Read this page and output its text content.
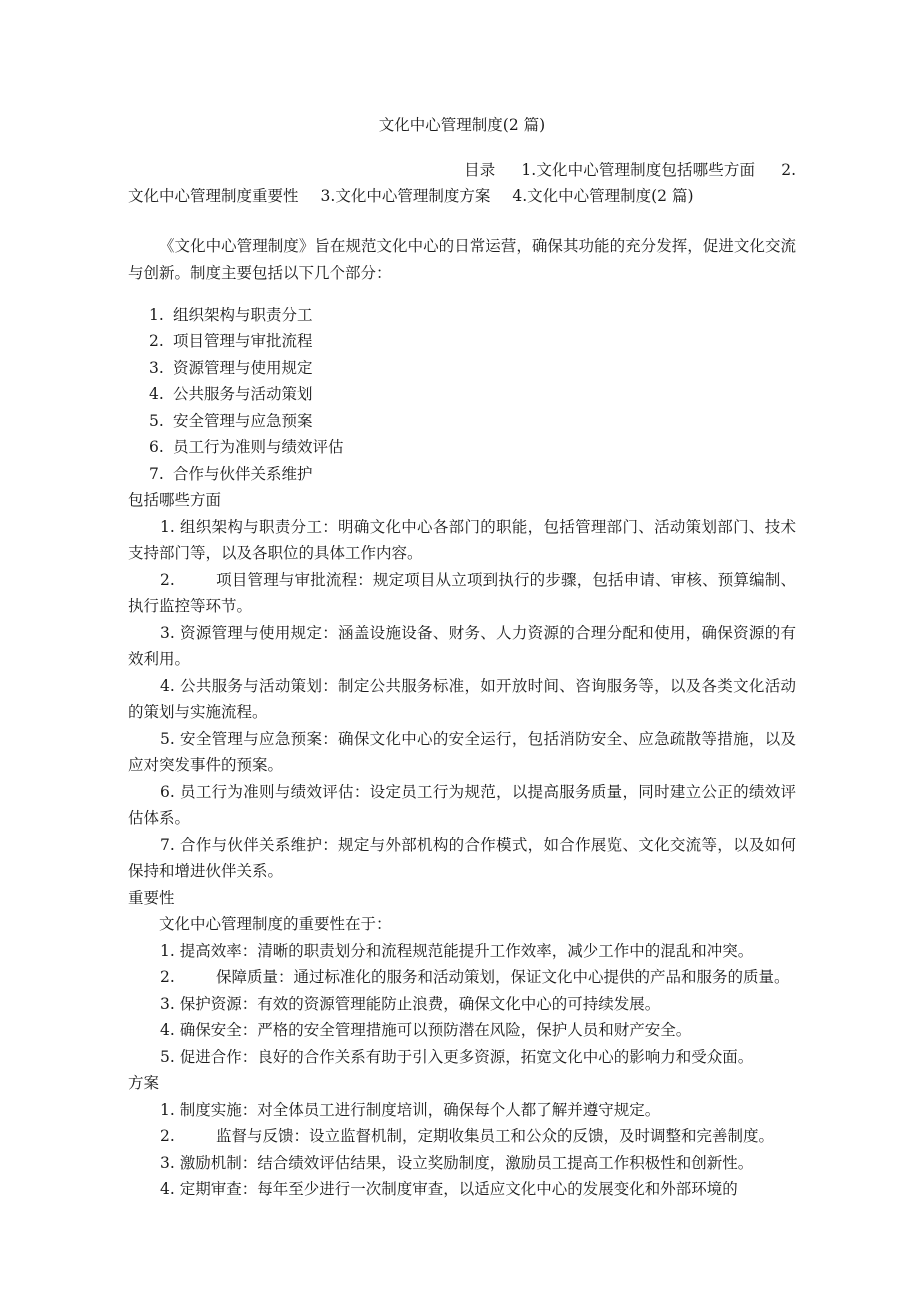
文化中心管理制度(2 篇)
目录 1.文化中心管理制度包括哪些方面 2.文化中心管理制度重要性 3.文化中心管理制度方案 4.文化中心管理制度(2 篇)

《文化中心管理制度》旨在规范文化中心的日常运营，确保其功能的充分发挥，促进文化交流与创新。制度主要包括以下几个部分：

1. 组织架构与职责分工
2. 项目管理与审批流程
3. 资源管理与使用规定
4. 公共服务与活动策划
5. 安全管理与应急预案
6. 员工行为准则与绩效评估
7. 合作与伙伴关系维护
包括哪些方面

1. 组织架构与职责分工：明确文化中心各部门的职能，包括管理部门、活动策划部门、技术支持部门等，以及各职位的具体工作内容。

2.	项目管理与审批流程：规定项目从立项到执行的步骤，包括申请、审核、预算编制、执行监控等环节。

3. 资源管理与使用规定：涵盖设施设备、财务、人力资源的合理分配和使用，确保资源的有效利用。

4. 公共服务与活动策划：制定公共服务标准，如开放时间、咨询服务等，以及各类文化活动的策划与实施流程。

5. 安全管理与应急预案：确保文化中心的安全运行，包括消防安全、应急疏散等措施，以及应对突发事件的预案。

6. 员工行为准则与绩效评估：设定员工行为规范，以提高服务质量，同时建立公正的绩效评估体系。

7. 合作与伙伴关系维护：规定与外部机构的合作模式，如合作展览、文化交流等，以及如何保持和增进伙伴关系。

重要性

文化中心管理制度的重要性在于：

1. 提高效率：清晰的职责划分和流程规范能提升工作效率，减少工作中的混乱和冲突。

2.	保障质量：通过标准化的服务和活动策划，保证文化中心提供的产品和服务的质量。

3. 保护资源：有效的资源管理能防止浪费，确保文化中心的可持续发展。

4. 确保安全：严格的安全管理措施可以预防潜在风险，保护人员和财产安全。

5. 促进合作：良好的合作关系有助于引入更多资源，拓宽文化中心的影响力和受众面。

方案

1. 制度实施：对全体员工进行制度培训，确保每个人都了解并遵守规定。

2.	监督与反馈：设立监督机制，定期收集员工和公众的反馈，及时调整和完善制度。

3. 激励机制：结合绩效评估结果，设立奖励制度，激励员工提高工作积极性和创新性。

4. 定期审查：每年至少进行一次制度审查，以适应文化中心的发展变化和外部环境的
